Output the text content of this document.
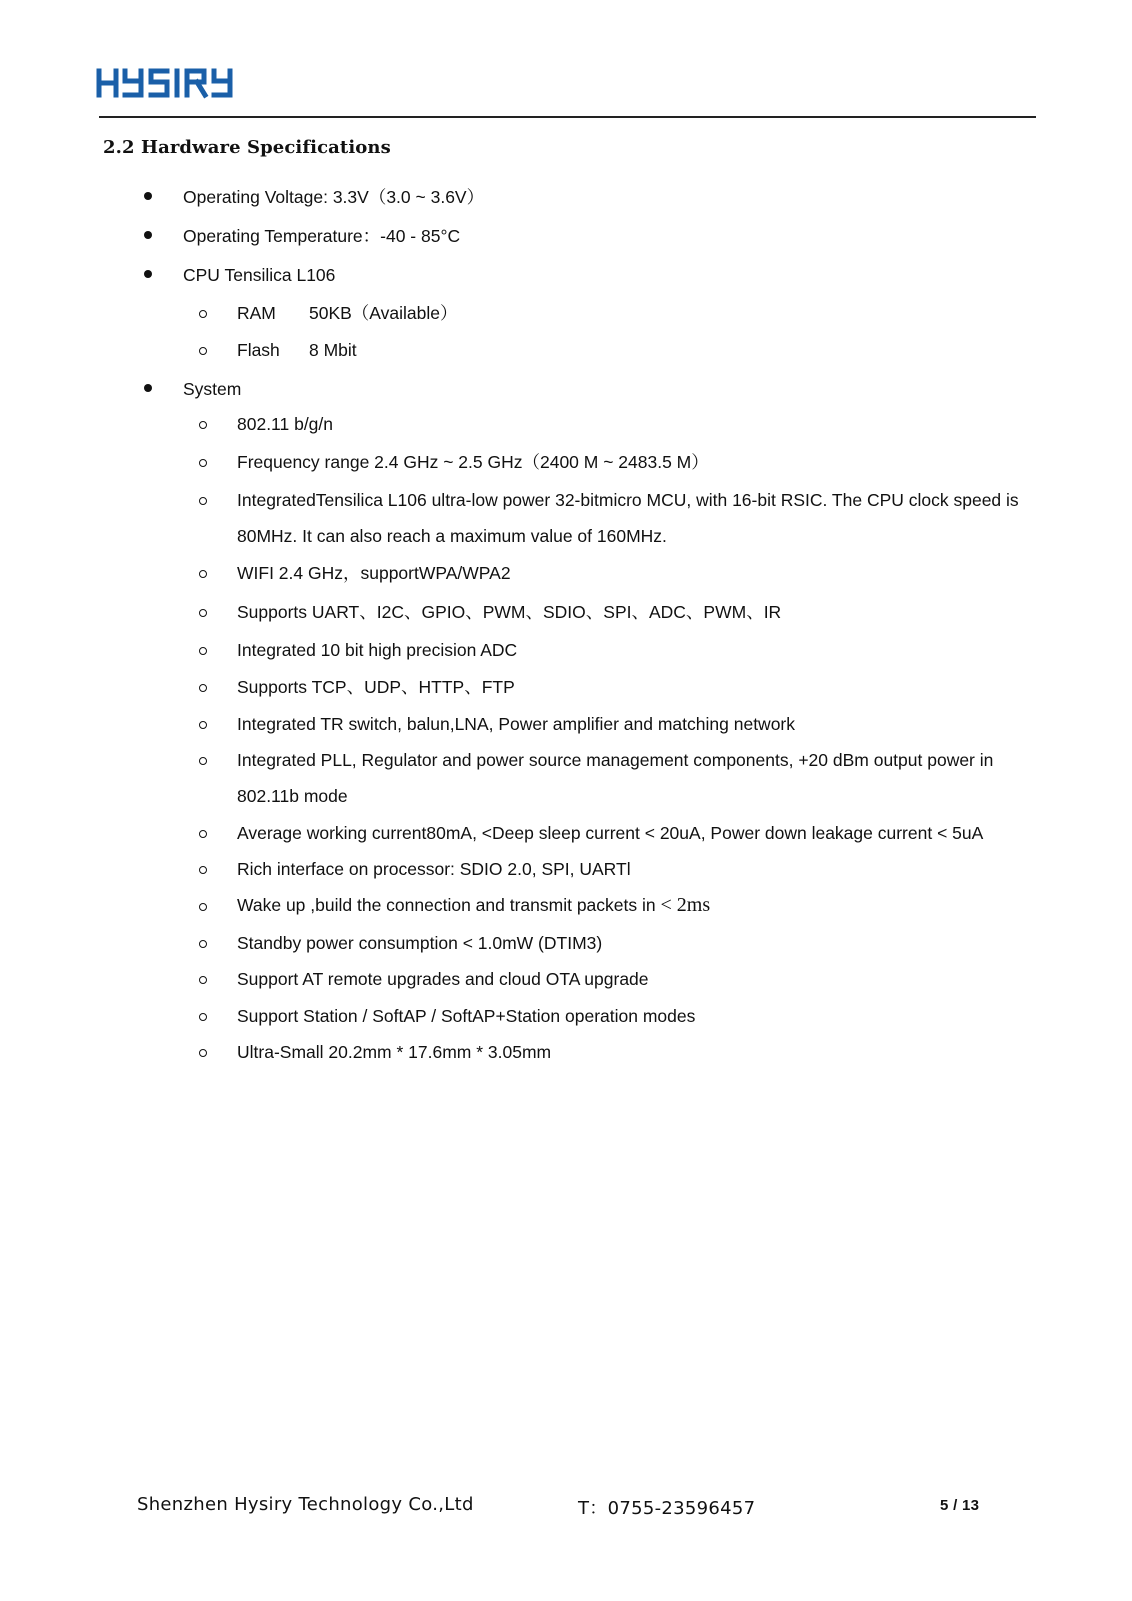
2.2 Hardware Specifications
Operating Voltage: 3.3V（3.0 ~ 3.6V）
Operating Temperature：-40 - 85°C
CPU Tensilica L106
RAM 50KB（Available）
Flash 8 Mbit
System
802.11 b/g/n
Frequency range 2.4 GHz ~ 2.5 GHz（2400 M ~ 2483.5 M）
IntegratedTensilica L106 ultra-low power 32-bitmicro MCU, with 16-bit RSIC. The CPU clock speed is 80MHz. It can also reach a maximum value of 160MHz.
WIFI 2.4 GHz，supportWPA/WPA2
Supports UART、I2C、GPIO、PWM、SDIO、SPI、ADC、PWM、IR
Integrated 10 bit high precision ADC
Supports TCP、UDP、HTTP、FTP
Integrated TR switch, balun,LNA, Power amplifier and matching network
Integrated PLL, Regulator and power source management components, +20 dBm output power in 802.11b mode
Average working current80mA, <Deep sleep current < 20uA, Power down leakage current < 5uA
Rich interface on processor: SDIO 2.0, SPI, UARTl
Wake up ,build the connection and transmit packets in < 2ms
Standby power consumption < 1.0mW (DTIM3)
Support AT remote upgrades and cloud OTA upgrade
Support Station / SoftAP / SoftAP+Station operation modes
Ultra-Small 20.2mm * 17.6mm * 3.05mm
Shenzhen Hysiry Technology Co.,Ltd	T：0755-23596457	5 / 13
